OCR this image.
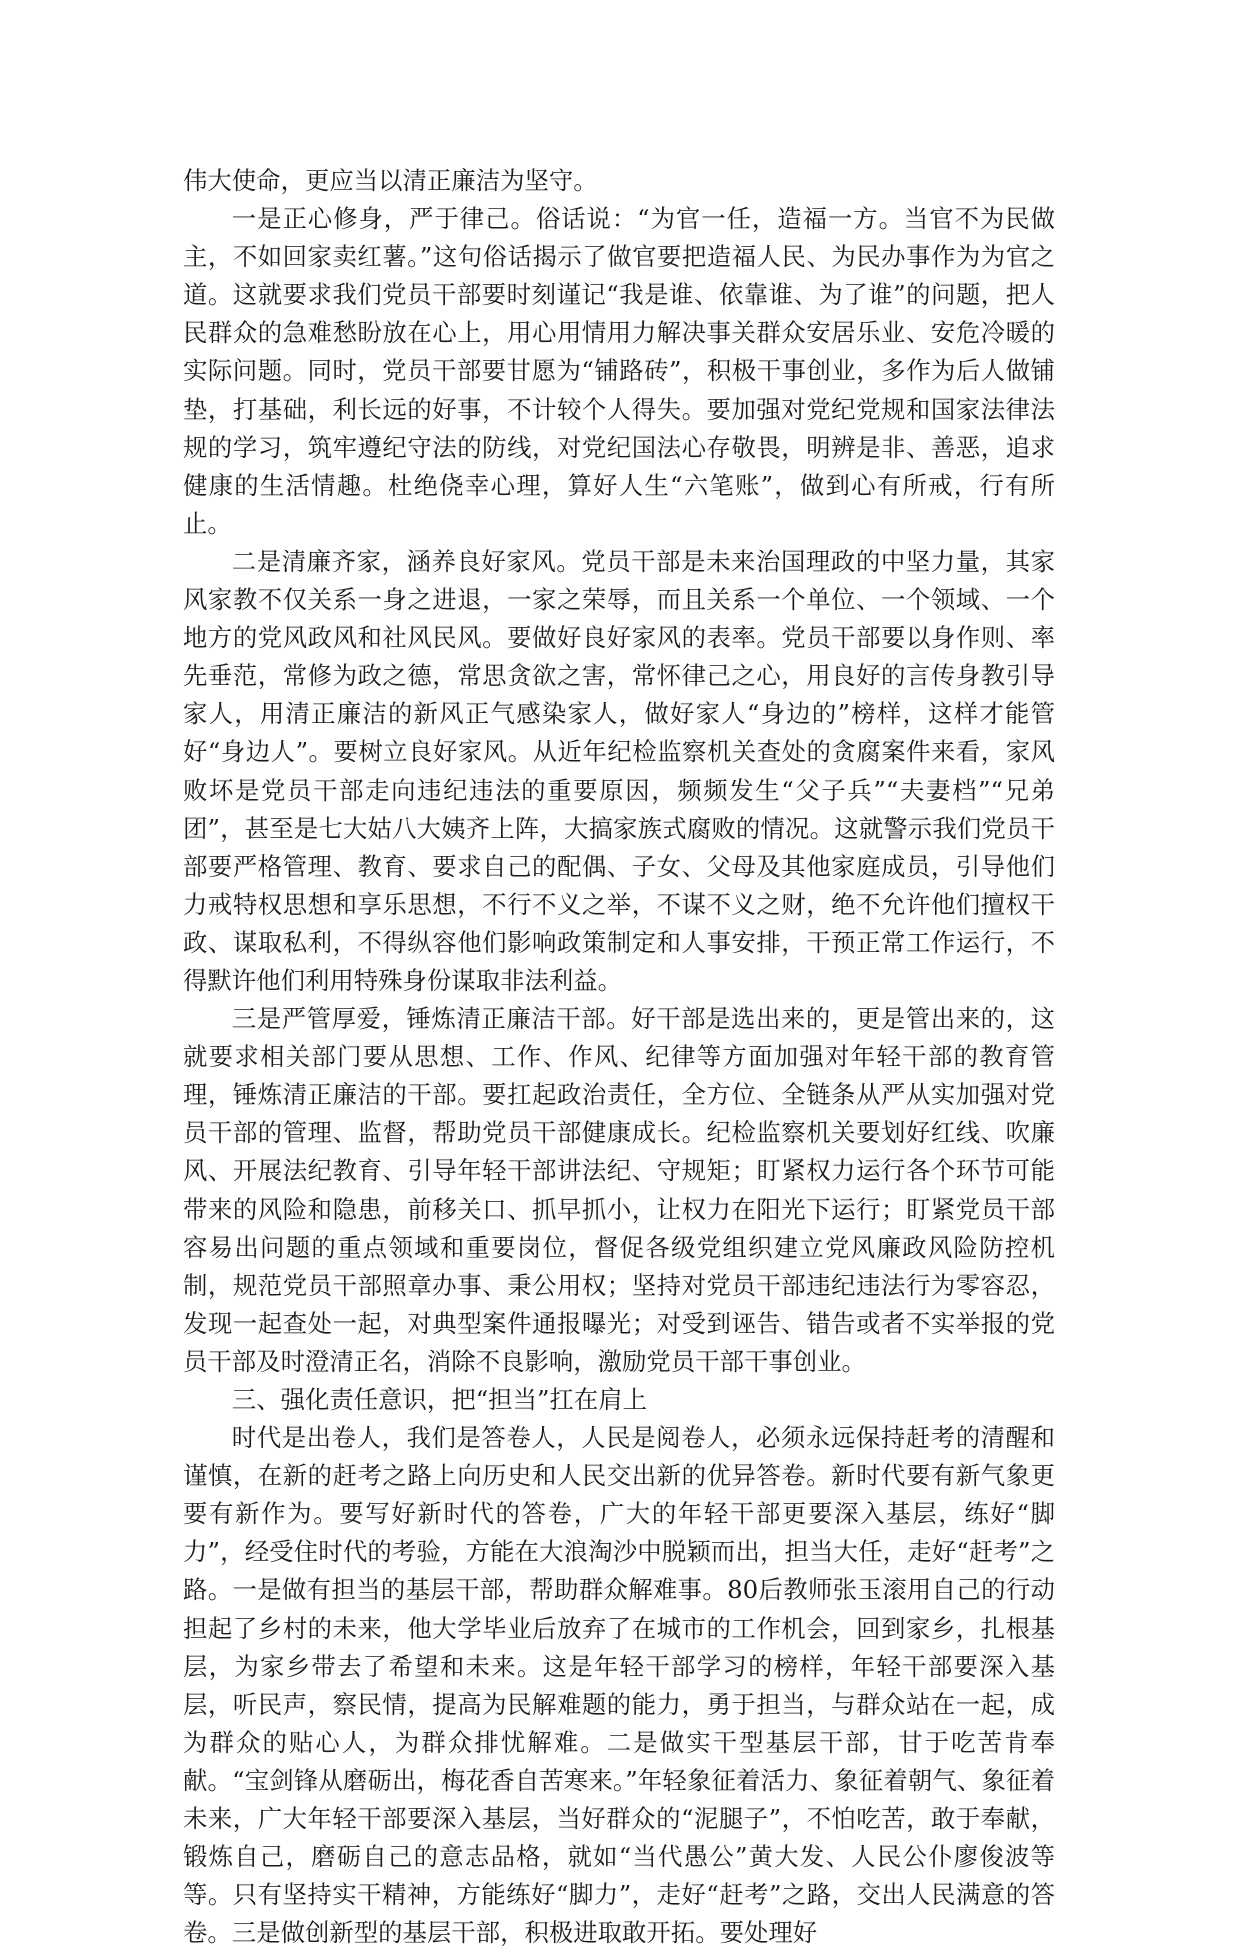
伟大使命，更应当以清正廉洁为坚守。

一是正心修身，严于律己。俗话说：“为官一任，造福一方。当官不为民做主，不如回家卖红薯。”这句俗话揭示了做官要把造福人民、为民办事作为为官之道。这就要求我们党员干部要时刻谨记“我是谁、依靠谁、为了谁”的问题，把人民群众的急难愁盼放在心上，用心用情用力解决事关群众安居乐业、安危冷暖的实际问题。同时，党员干部要甘愿为“铺路砖”，积极干事创业，多作为后人做铺垫，打基础，利长远的好事，不计较个人得失。要加强对党纪党规和国家法律法规的学习，筑牢遵纪守法的防线，对党纪国法心存敬畏，明辨是非、善恶，追求健康的生活情趣。杜绝侥幸心理，算好人生“六笔账”，做到心有所戒，行有所止。

二是清廉齐家，涵养良好家风。党员干部是未来治国理政的中坚力量，其家风家教不仅关系一身之进退，一家之荣辱，而且关系一个单位、一个领域、一个地方的党风政风和社风民风。要做好良好家风的表率。党员干部要以身作则、率先垂范，常修为政之德，常思贪欲之害，常怀律己之心，用良好的言传身教引导家人，用清正廉洁的新风正气感染家人，做好家人“身边的”榜样，这样才能管好“身边人”。要树立良好家风。从近年纪检监察机关查处的贪腐案件来看，家风败坏是党员干部走向违纪违法的重要原因，频频发生“父子兵”“夫妻档”“兄弟团”，甚至是七大姑八大姨齐上阵，大搞家族式腐败的情况。这就警示我们党员干部要严格管理、教育、要求自己的配偶、子女、父母及其他家庭成员，引导他们力戒特权思想和享乐思想，不行不义之举，不谋不义之财，绝不允许他们擅权干政、谋取私利，不得纵容他们影响政策制定和人事安排，干预正常工作运行，不得默许他们利用特殊身份谋取非法利益。

三是严管厚爱，锤炼清正廉洁干部。好干部是选出来的，更是管出来的，这就要求相关部门要从思想、工作、作风、纪律等方面加强对年轻干部的教育管理，锤炼清正廉洁的干部。要扛起政治责任，全方位、全链条从严从实加强对党员干部的管理、监督，帮助党员干部健康成长。纪检监察机关要划好红线、吹廉风、开展法纪教育、引导年轻干部讲法纪、守规矩；盯紧权力运行各个环节可能带来的风险和隐患，前移关口、抓早抓小，让权力在阳光下运行；盯紧党员干部容易出问题的重点领域和重要岗位，督促各级党组织建立党风廉政风险防控机制，规范党员干部照章办事、秉公用权；坚持对党员干部违纪违法行为零容忍，发现一起查处一起，对典型案件通报曝光；对受到诬告、错告或者不实举报的党员干部及时澄清正名，消除不良影响，激励党员干部干事创业。

三、强化责任意识，把“担当”扛在肩上

时代是出卷人，我们是答卷人，人民是阅卷人，必须永远保持赶考的清醒和谨慎，在新的赶考之路上向历史和人民交出新的优异答卷。新时代要有新气象更要有新作为。要写好新时代的答卷，广大的年轻干部更要深入基层，练好“脚力”，经受住时代的考验，方能在大浪淘沙中脱颖而出，担当大任，走好“赶考”之路。一是做有担当的基层干部，帮助群众解难事。80后教师张玉滚用自己的行动担起了乡村的未来，他大学毕业后放弃了在城市的工作机会，回到家乡，扎根基层，为家乡带去了希望和未来。这是年轻干部学习的榜样，年轻干部要深入基层，听民声，察民情，提高为民解难题的能力，勇于担当，与群众站在一起，成为群众的贴心人，为群众排忧解难。二是做实干型基层干部，甘于吃苦肯奉献。“宝剑锋从磨砺出，梅花香自苦寒来。”年轻象征着活力、象征着朝气、象征着未来，广大年轻干部要深入基层，当好群众的“泥腿子”，不怕吃苦，敢于奉献，锻炼自己，磨砺自己的意志品格，就如“当代愚公”黄大发、人民公仆廖俊波等等。只有坚持实干精神，方能练好“脚力”，走好“赶考”之路，交出人民满意的答卷。三是做创新型的基层干部，积极进取敢开拓。要处理好
